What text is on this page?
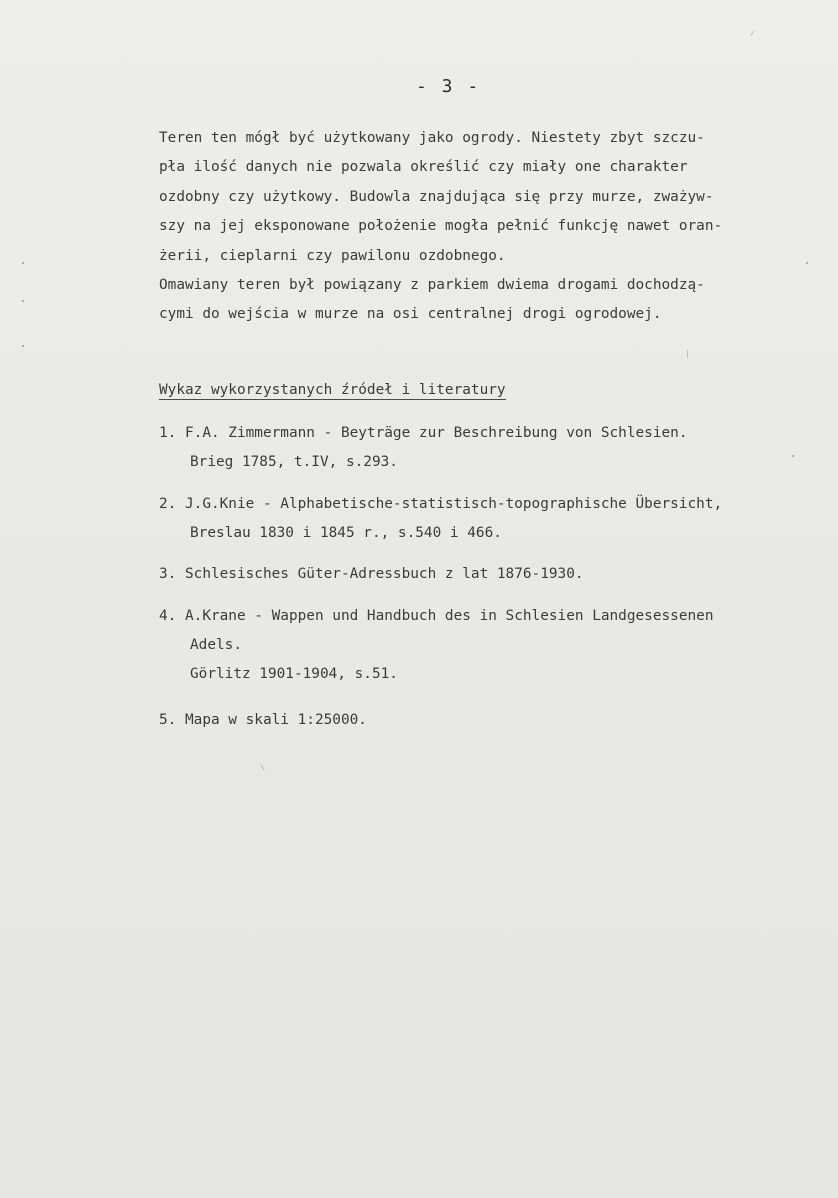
- 3 -
Teren ten mógł być użytkowany jako ogrody. Niestety zbyt szczu-
pła ilość danych nie pozwala określić czy miały one charakter
ozdobny czy użytkowy. Budowla znajdująca się przy murze, zważyw-
szy na jej eksponowane położenie mogła pełnić funkcję nawet oran-
żerii, cieplarni czy pawilonu ozdobnego.
Omawiany teren był powiązany z parkiem dwiema drogami dochodzą-
cymi do wejścia w murze na osi centralnej drogi ogrodowej.
Wykaz wykorzystanych źródeł i literatury
1. F.A. Zimmermann - Beyträge zur Beschreibung von Schlesien.
Brieg 1785, t.IV, s.293.
2. J.G.Knie - Alphabetische-statistisch-topographische Übersicht,
Breslau 1830 i 1845 r., s.540 i 466.
3. Schlesisches Güter-Adressbuch z lat 1876-1930.
4. A.Krane - Wappen und Handbuch des in Schlesien Landgesessenen
Adels.
Görlitz 1901-1904, s.51.
5. Mapa w skali 1:25000.
